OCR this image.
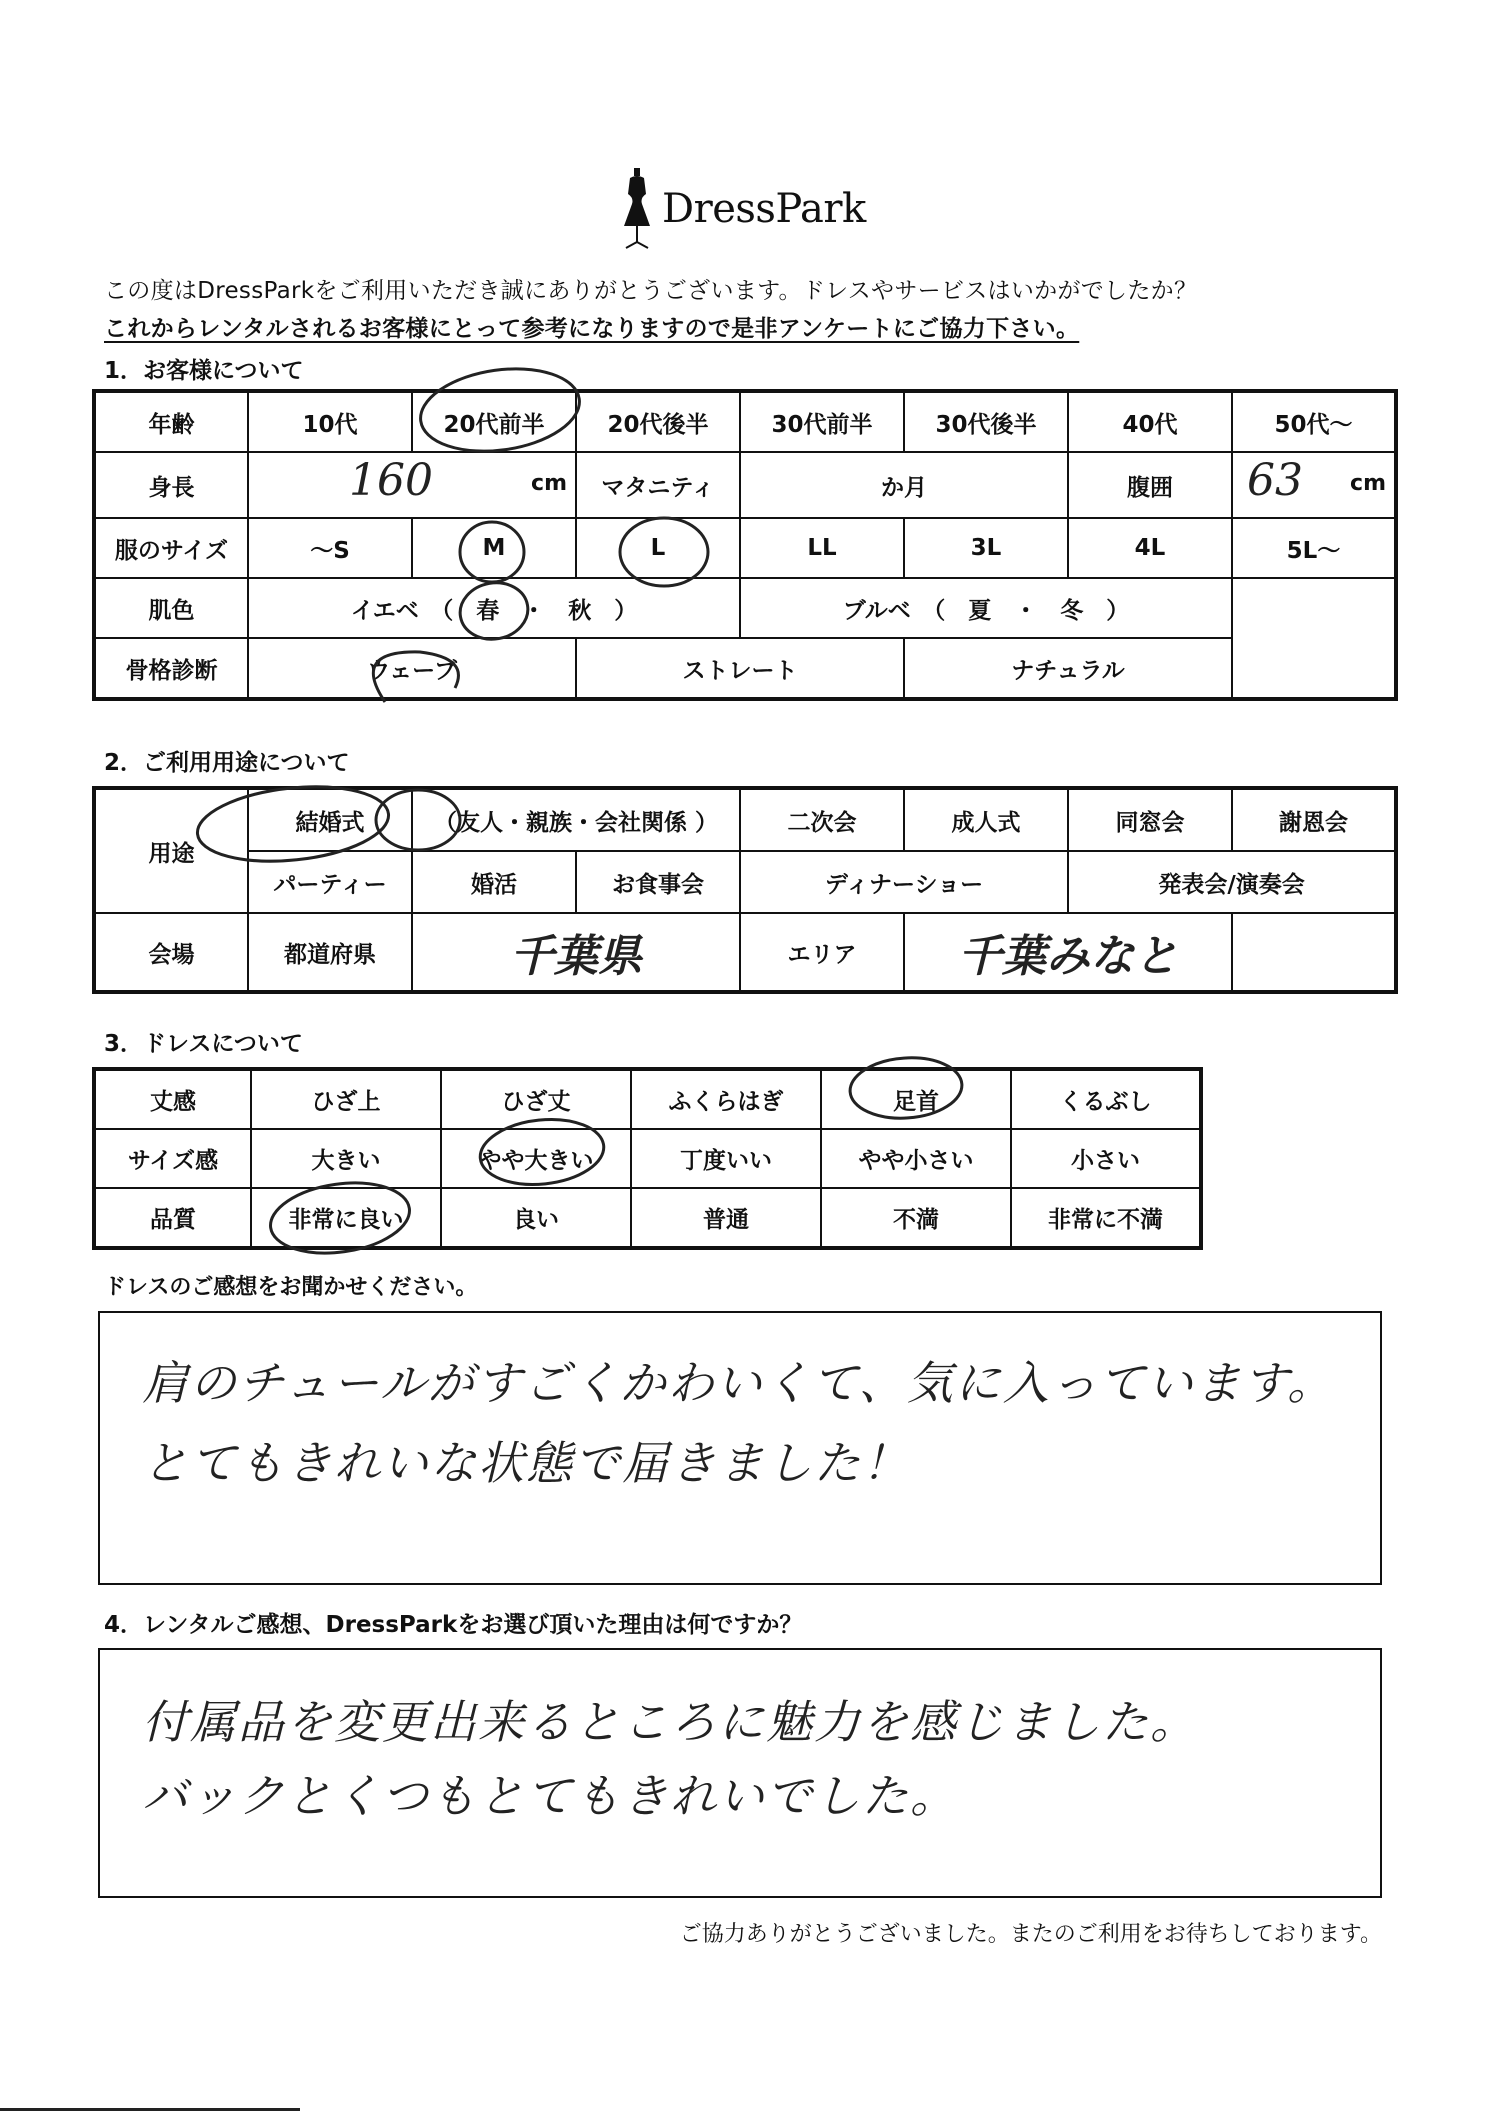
DressPark
この度はDressParkをご利用いただき誠にありがとうございます。ドレスやサービスはいかがでしたか？
これからレンタルされるお客様にとって参考になりますので是非アンケートにご協力下さい。
1．お客様について
年齢	10代	20代前半	20代後半	30代前半	30代後半	40代	50代〜
身長	160 cm		マタニティ	か月		腹囲	63 cm

服のサイズ	〜S	M	L	LL	3L	4L	5L〜
肌色	イエベ　（　春　・　秋　）			ブルベ　（　夏　・　冬　）			
骨格診断	ウェーブ		ストレート		ナチュラル		
2．ご利用用途について
用途	結婚式	（友人・親族・会社関係 ）		二次会	成人式	同窓会	謝恩会
	パーティー	婚活	お食事会	ディナーショー		発表会/演奏会	
会場	都道府県	千葉県		エリア	千葉みなと		
3．ドレスについて
丈感	ひざ上	ひざ丈	ふくらはぎ	足首	くるぶし
サイズ感	大きい	やや大きい	丁度いい	やや小さい	小さい
品質	非常に良い	良い	普通	不満	非常に不満
ドレスのご感想をお聞かせください。

肩のチュールがすごくかわいくて、気に入っています。

とてもきれいな状態で届きました！

4．レンタルご感想、DressParkをお選び頂いた理由は何ですか？

付属品を変更出来るところに魅力を感じました。

バックとくつもとてもきれいでした。

ご協力ありがとうございました。またのご利用をお待ちしております。
